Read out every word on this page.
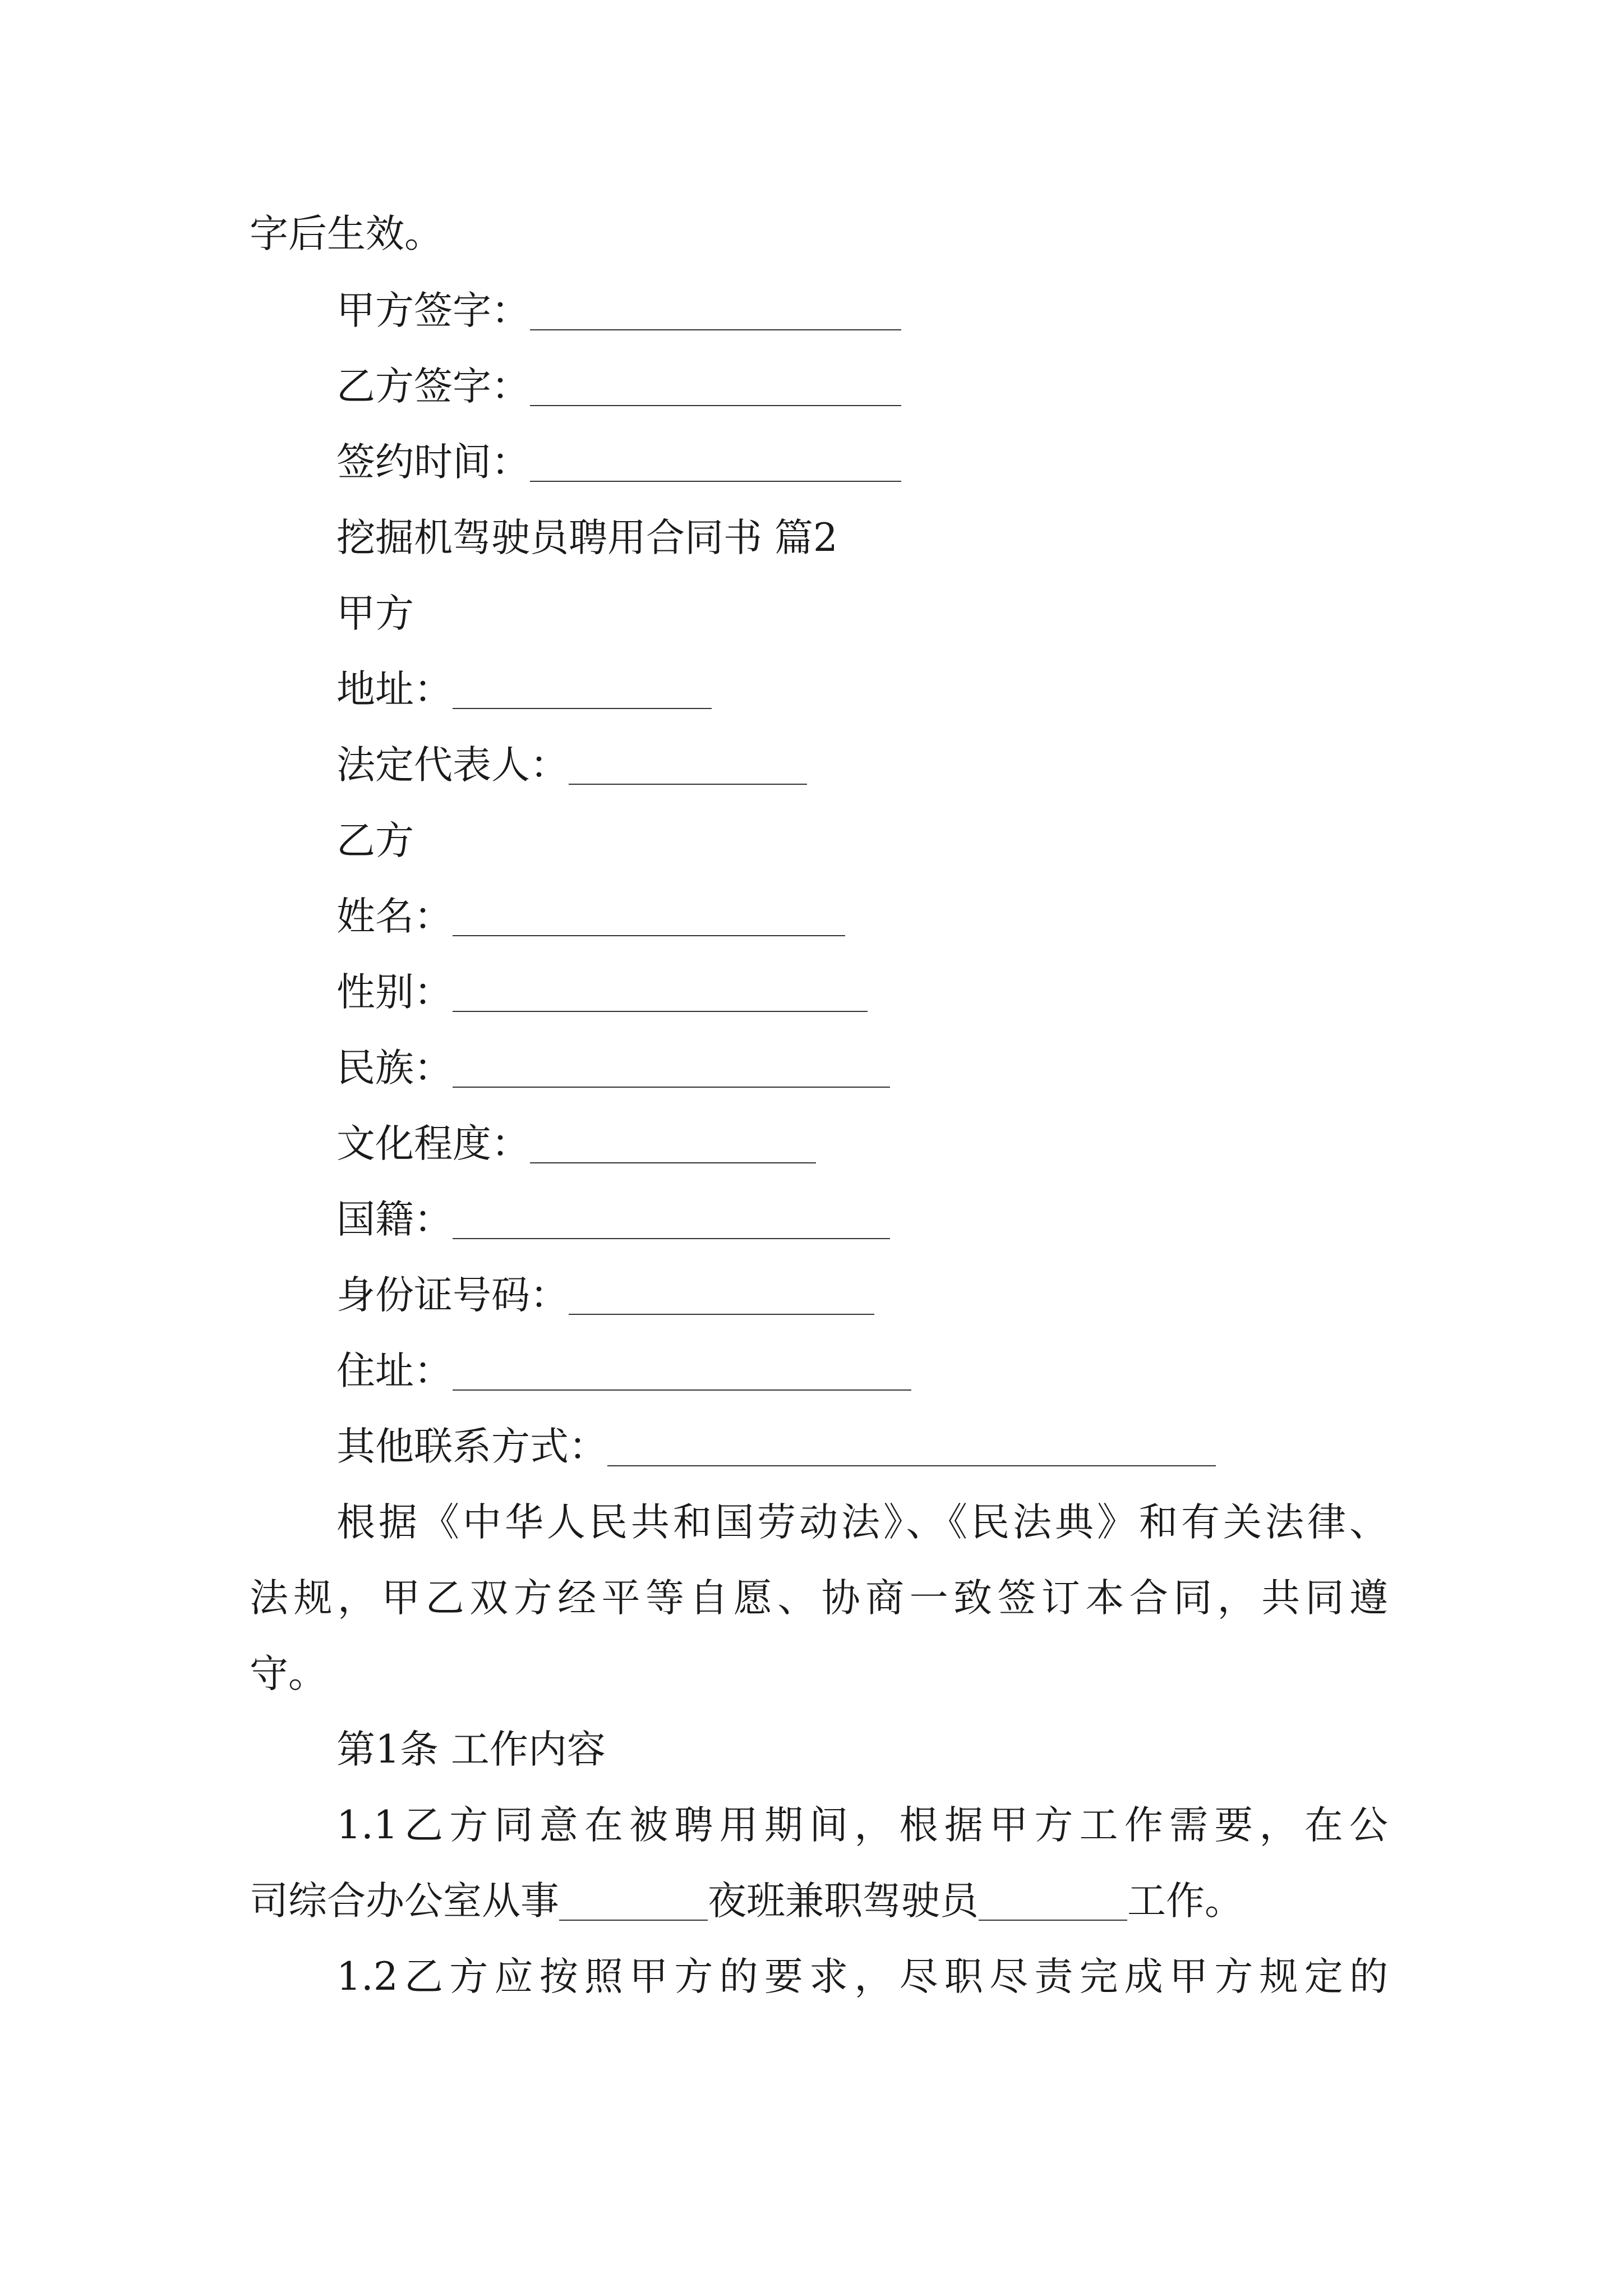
字后生效。
甲方签字：
乙方签字：
签约时间：
挖掘机驾驶员聘用合同书 篇2
甲方
地址：
法定代表人：
乙方
姓名：
性别：
民族：
文化程度：
国籍：
身份证号码：
住址：
其他联系方式：
根据《中华人民共和国劳动法》、《民法典》和有关法律、
法规，甲乙双方经平等自愿、协商一致签订本合同，共同遵
守。
第1条 工作内容
1.1乙方同意在被聘用期间，根据甲方工作需要，在公
司综合办公室从事	夜班兼职驾驶员	工作。
1.2乙方应按照甲方的要求，尽职尽责完成甲方规定的
